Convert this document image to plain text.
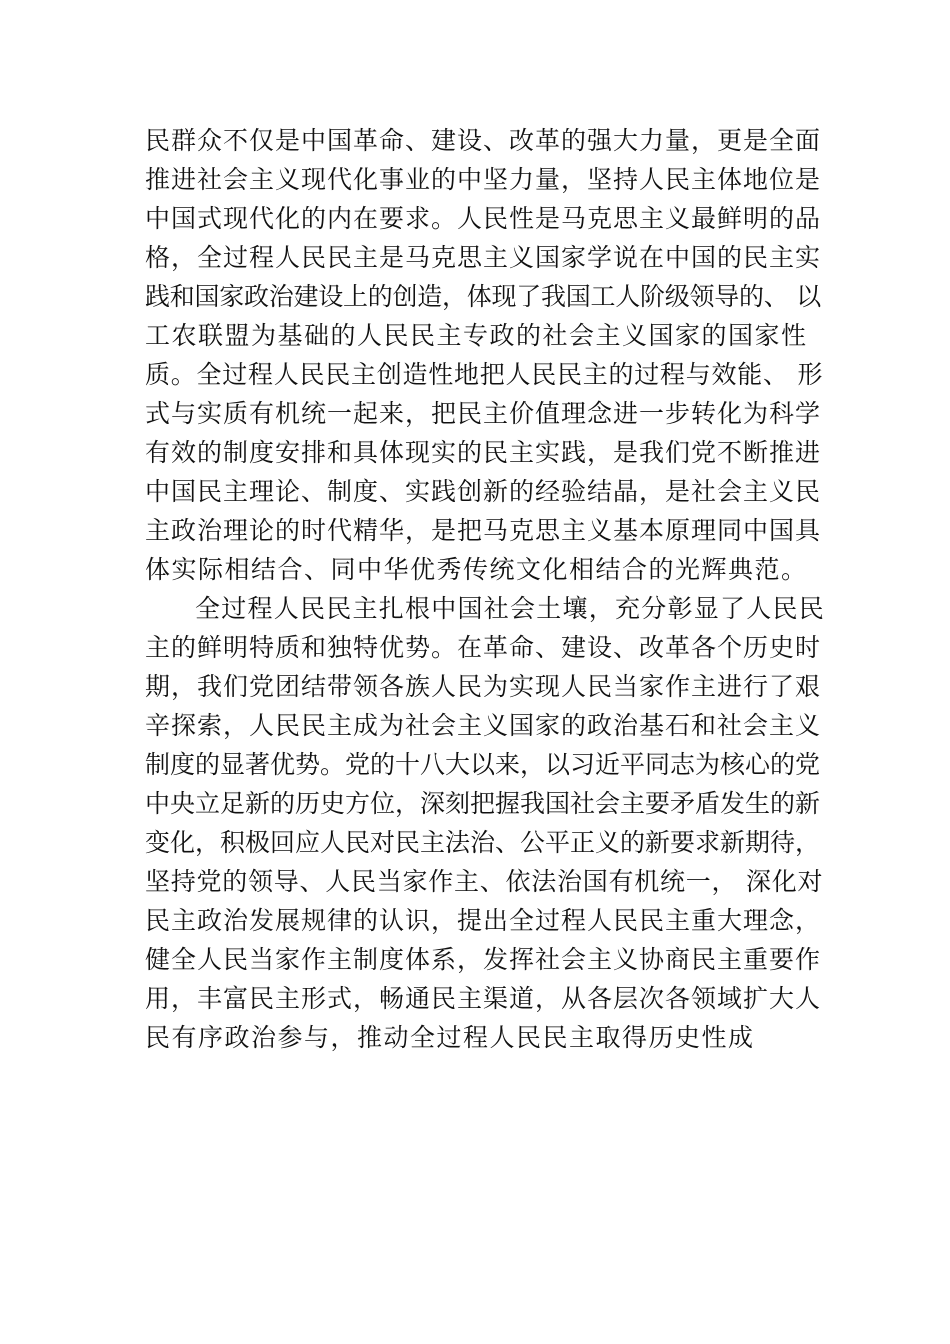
民群众不仅是中国革命、建设、改革的强大力量，更是全面
推进社会主义现代化事业的中坚力量，坚持人民主体地位是
中国式现代化的内在要求。人民性是马克思主义最鲜明的品
格，全过程人民民主是马克思主义国家学说在中国的民主实
践和国家政治建设上的创造，体现了我国工人阶级领导的、 以
工农联盟为基础的人民民主专政的社会主义国家的国家性
质。全过程人民民主创造性地把人民民主的过程与效能、 形
式与实质有机统一起来，把民主价值理念进一步转化为科学
有效的制度安排和具体现实的民主实践，是我们党不断推进
中国民主理论、制度、实践创新的经验结晶，是社会主义民
主政治理论的时代精华，是把马克思主义基本原理同中国具
体实际相结合、同中华优秀传统文化相结合的光辉典范。
全过程人民民主扎根中国社会土壤，充分彰显了人民民
主的鲜明特质和独特优势。在革命、建设、改革各个历史时
期，我们党团结带领各族人民为实现人民当家作主进行了艰
辛探索，人民民主成为社会主义国家的政治基石和社会主义
制度的显著优势。党的十八大以来，以习近平同志为核心的党
中央立足新的历史方位，深刻把握我国社会主要矛盾发生的新
变化，积极回应人民对民主法治、公平正义的新要求新期待，
坚持党的领导、人民当家作主、依法治国有机统一， 深化对
民主政治发展规律的认识，提出全过程人民民主重大理念，
健全人民当家作主制度体系，发挥社会主义协商民主重要作
用，丰富民主形式，畅通民主渠道，从各层次各领域扩大人
民有序政治参与，推动全过程人民民主取得历史性成
